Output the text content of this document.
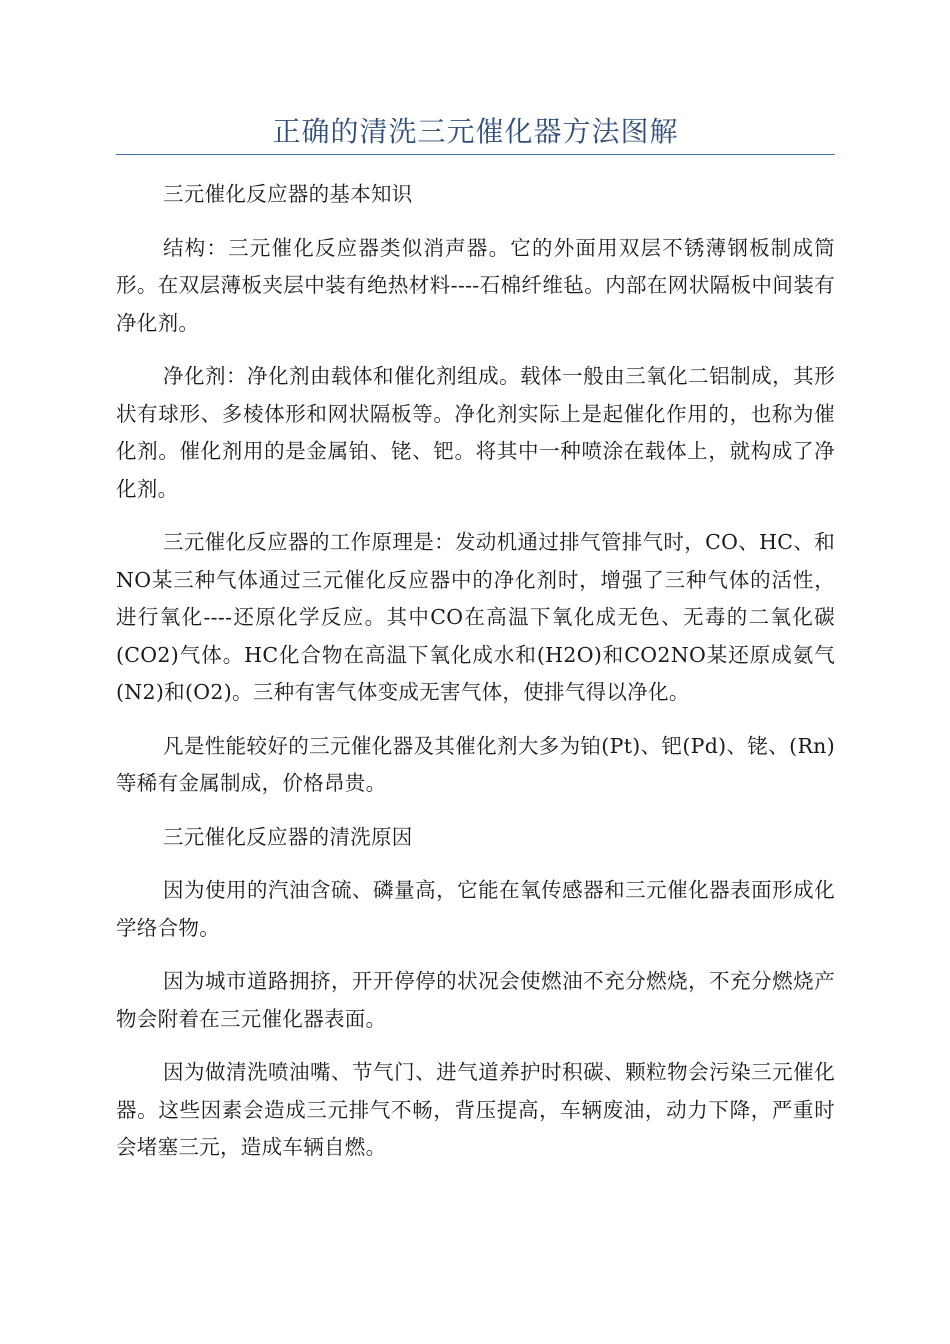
正确的清洗三元催化器方法图解

三元催化反应器的基本知识

结构：三元催化反应器类似消声器。它的外面用双层不锈薄钢板制成筒形。在双层薄板夹层中装有绝热材料----石棉纤维毡。内部在网状隔板中间装有净化剂。

净化剂：净化剂由载体和催化剂组成。载体一般由三氧化二铝制成，其形状有球形、多棱体形和网状隔板等。净化剂实际上是起催化作用的，也称为催化剂。催化剂用的是金属铂、铑、钯。将其中一种喷涂在载体上，就构成了净化剂。

三元催化反应器的工作原理是：发动机通过排气管排气时，CO、HC、和NO某三种气体通过三元催化反应器中的净化剂时，增强了三种气体的活性，进行氧化----还原化学反应。其中CO在高温下氧化成无色、无毒的二氧化碳(CO2)气体。HC化合物在高温下氧化成水和(H2O)和CO2NO某还原成氨气(N2)和(O2)。三种有害气体变成无害气体，使排气得以净化。

凡是性能较好的三元催化器及其催化剂大多为铂(Pt)、钯(Pd)、铑、(Rn)等稀有金属制成，价格昂贵。

三元催化反应器的清洗原因

因为使用的汽油含硫、磷量高，它能在氧传感器和三元催化器表面形成化学络合物。

因为城市道路拥挤，开开停停的状况会使燃油不充分燃烧，不充分燃烧产物会附着在三元催化器表面。

因为做清洗喷油嘴、节气门、进气道养护时积碳、颗粒物会污染三元催化器。这些因素会造成三元排气不畅，背压提高，车辆废油，动力下降，严重时会堵塞三元，造成车辆自燃。
